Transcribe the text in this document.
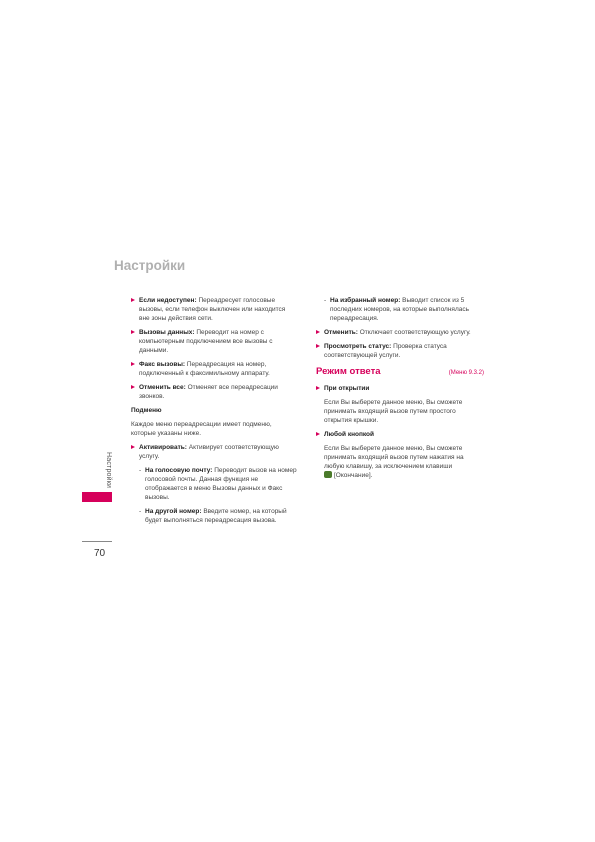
Настройки
Настройки
70
Если недоступен: Переадресует голосовые вызовы, если телефон выключен или находится вне зоны действия сети.
Вызовы данных: Переводит на номер с компьютерным подключением все вызовы с данными.
Факс вызовы: Переадресация на номер, подключенный к факсимильному аппарату.
Отменить все: Отменяет все переадресации звонков.
Подменю
Каждое меню переадресации имеет подменю, которые указаны ниже.
Активировать: Активирует соответствующую услугу.
- На голосовую почту: Переводит вызов на номер голосовой почты. Данная функция не отображается в меню Вызовы данных и Факс вызовы.
- На другой номер: Введите номер, на который будет выполняться переадресация вызова.
- На избранный номер: Выводит список из 5 последних номеров, на которые выполнялась переадресация.
Отменить: Отключает соответствующую услугу.
Просмотреть статус: Проверка статуса соответствующей услуги.
Режим ответа	(Меню 9.3.2)
При открытии
Если Вы выберете данное меню, Вы сможете принимать входящий вызов путем простого открытия крышки.
Любой кнопкой
Если Вы выберете данное меню, Вы сможете принимать входящий вызов путем нажатия на любую клавишу, за исключением клавиши
[Окончание].
